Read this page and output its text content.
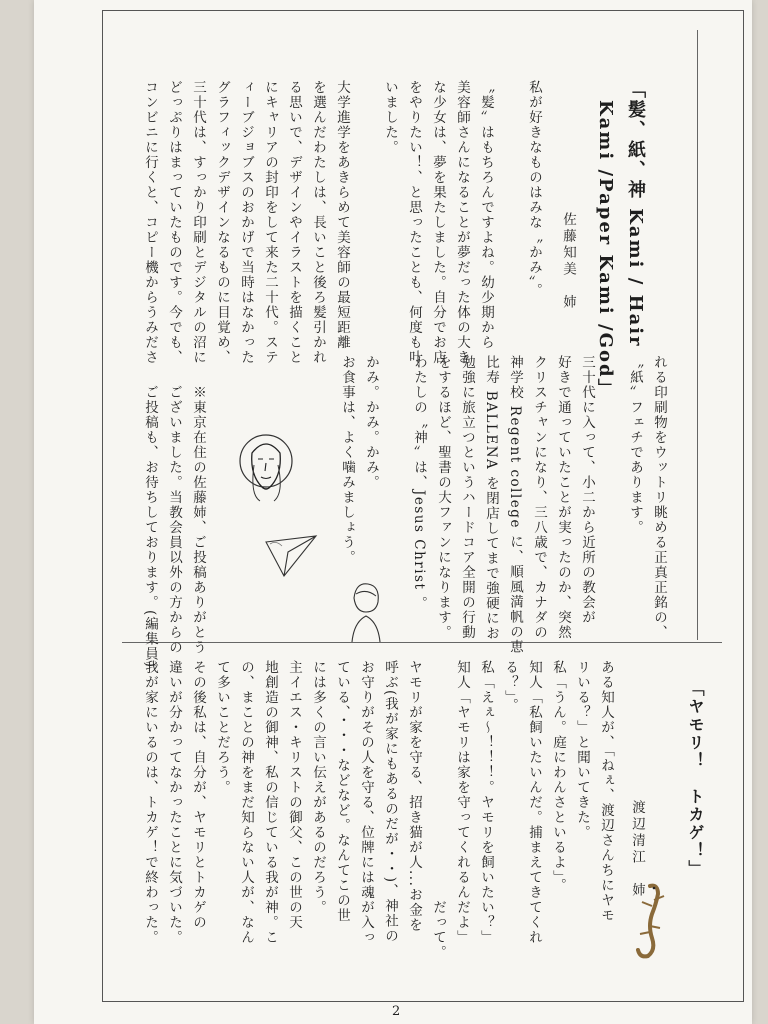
「髪、紙、神 Kami / Hair
Kami /Paper Kami /God」
佐藤知美　姉
私が好きなものはみな〝かみ〟。

〝髪〟はもちろんですよね。幼少期から
美容師さんになることが夢だった体の大き
な少女は、夢を果たしました。自分でお店
をやりたい！、と思ったことも、何度も叶
いました。

大学進学をあきらめて美容師の最短距離
を選んだわたしは、長いこと後ろ髪引かれ
る思いで、デザインやイラストを描くこと
にキャリアの封印をして来た二十代。ステ
ィーブジョブスのおかげで当時はなかった
グラフィックデザインなるものに目覚め、
三十代は、すっかり印刷とデジタルの沼に
どっぷりはまっていたものです。今でも、
コンビニに行くと、コピー機からうみださ
れる印刷物をウットリ眺める正真正銘の、
〝紙〟フェチであります。

三十代に入って、小二から近所の教会が
好きで通っていたことが実ったのか、突然
クリスチャンになり、三八歳で、カナダの
神学校 Regent college に、順風満帆の恵
比寿 BALLENA を閉店してまで強硬にお
勉強に旅立つというハードコア全開の行動
をするほど、聖書の大ファンになります。
わたしの〝神〟は、Jesus Christ 。

かみ。かみ。かみ。
お食事は、よく噛みましょう。
※東京在住の佐藤姉、ご投稿ありがとう
ございました。当教会員以外の方からの
ご投稿も、お待ちしております。(編集員)
「ヤモリ！　トカゲ！」
渡辺清江　姉
ある知人が、「ねぇ、渡辺さんちにヤモ
リいる？」と聞いてきた。
私「うん。庭にわんさといるよ」。
知人「私飼いたいんだ。捕まえてきてくれ
る？」。
私「えぇ〜！！！。ヤモリを飼いたい？」
知人「ヤモリは家を守ってくれるんだよ」
　　　　　　　　　　　　　　　　だって。
ヤモリが家を守る、招き猫が人...お金を
呼ぶ(我が家にもあるのだが・・)、神社の
お守りがその人を守る、位牌には魂が入っ
ている、・・・などなど。なんてこの世
には多くの言い伝えがあるのだろう。
主イエス・キリストの御父、この世の天
地創造の御神、私の信じている我が神。こ
の、まことの神をまだ知らない人が、なん
て多いことだろう。
その後私は、自分が、ヤモリとトカゲの
違いが分かってなかったことに気づいた。
我が家にいるのは、トカゲ！で終わった。
2
